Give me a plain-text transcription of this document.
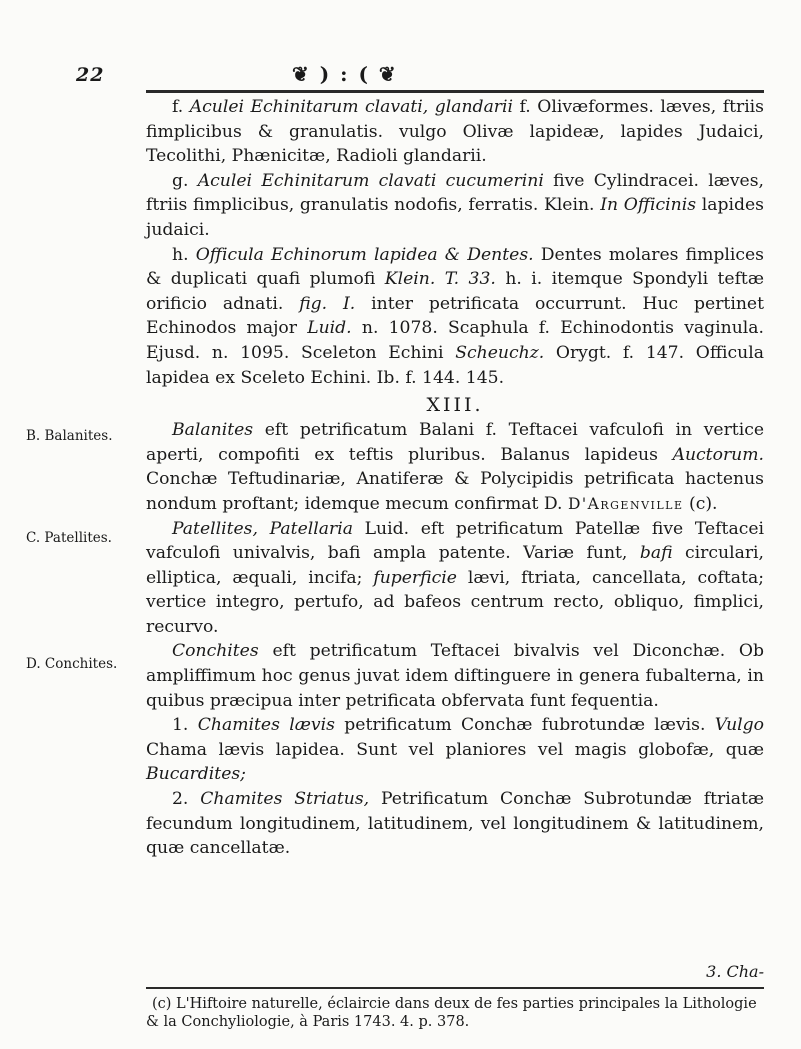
22	❦ ) : ( ❦
B. Balanites.
C. Patellites.
D. Conchites.

f. Aculei Echinitarum clavati, glandarii f. Olivæformes. læves, ftriis fimplicibus & granulatis. vulgo Olivæ lapideæ, lapides Judaici, Tecolithi, Phænicitæ, Radioli glandarii.

g. Aculei Echinitarum clavati cucumerini five Cylindracei. læves, ftriis fimplicibus, granulatis nodofis, ferratis. Klein. In Officinis lapides judaici.

h. Officula Echinorum lapidea & Dentes. Dentes molares fimplices & duplicati quafi plumofi Klein. T. 33. h. i. itemque Spondyli teftæ orificio adnati. fig. I. inter petrificata occurrunt. Huc pertinet Echinodos major Luid. n. 1078. Scaphula f. Echinodontis vaginula. Ejusd. n. 1095. Sceleton Echini Scheuchz. Orygt. f. 147. Officula lapidea ex Sceleto Echini. Ib. f. 144. 145.

XIII.

Balanites eft petrificatum Balani f. Teftacei vafculofi in vertice aperti, compofiti ex teftis pluribus. Balanus lapideus Auctorum. Conchæ Teftudinariæ, Anatiferæ & Polycipidis petrificata hactenus nondum proftant; idemque mecum confirmat D. D'Argenville (c).

Patellites, Patellaria Luid. eft petrificatum Patellæ five Teftacei vafculofi univalvis, bafi ampla patente. Variæ funt, bafi circulari, elliptica, æquali, incifa; fuperficie lævi, ftriata, cancellata, coftata; vertice integro, pertufo, ad bafeos centrum recto, obliquo, fimplici, recurvo.

Conchites eft petrificatum Teftacei bivalvis vel Diconchæ. Ob ampliffimum hoc genus juvat idem diftinguere in genera fubalterna, in quibus præcipua inter petrificata obfervata funt fequentia.

1. Chamites lævis petrificatum Conchæ fubrotundæ lævis. Vulgo Chama lævis lapidea. Sunt vel planiores vel magis globofæ, quæ Bucardites;

2. Chamites Striatus, Petrificatum Conchæ Subrotundæ ftriatæ fecundum longitudinem, latitudinem, vel longitudinem & latitudinem, quæ cancellatæ.

3. Cha-
(c) L'Hiftoire naturelle, éclaircie dans deux de fes parties principales la Lithologie & la Conchyliologie, à Paris 1743. 4. p. 378.
